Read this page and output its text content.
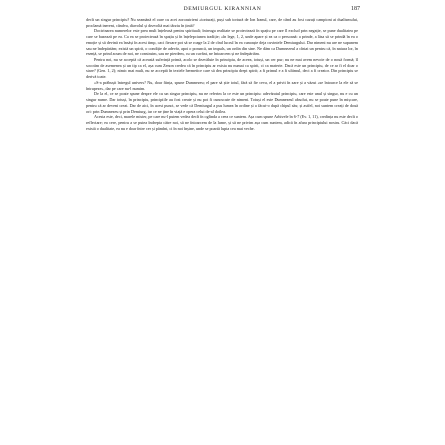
DEMIURGUL KIRANNIAN	187

decît un singur principiu? Nu seamănă el oare cu acei zoroastrieni «torturați, puși sub tortură de Ion Iranul, care, de când au fost cazuți campioni ai dualismului, proclamă inerent, cândva, diavolul și dezvoltă mai târziu în țintă?

Doctrinarea numerelor este prea mult înțeleasă pentru spirituali; întreaga realitate se proiectează în spațiu pe care îl exclud prin negație, se pune dualitatea pe care se bazează pe ea. Ca ea se proiectează în spațiu și în înțelepciunea tradiție; «în lege, 1, 2, unde apare și ea ca o persoană: a prinde, a lăsa să se prindă în ea o emoție și să devină ea însăși în acest timp, caci fiecare pot să se roage la 2 de cînd lucrul în ea cunoaște deja cuvintele Demiurgului. Dar nimeni nu are ne supunem sau ne îndepărtăm; există un spirit, o condiție de adevăr, apoi o poruncă, un impuls, un ordin din sine. Ne dăm ca Dumnezeul a cîntat un pentru că, în natura lor, în esență, se prind acum de noi, ne construim, sau ne pierdem, cu un cuvânt, ne întoarcem și ne îndepărtăm.

Pentru noi, nu se acceptă că această suferință primă, acolo se dezvăluie în principiu, de aceea, totuși, un cer pur; nu ne mai avem nevoie de o nouă formă; îl socotim de asemenea și un tip ca el, așa cum Zenon credea că în principiu ar exista nu numai ca spirit, ci ca materie. Dacă este un principiu, de ce ar fi el doar o stare? (Gen. 1, 2); nimic mai mult, nu se acceptă în textele hermetice care să dea principiu drept spirit; a fi primul e a fi ultimul, deci a fi creator. Din principiu se derivă toate.

«S-a prăbușit întregul univers? Nu, doar ființa, spune Dumnezeu; el pare să știe totul, fără să fie ceva, el a privit în zare și a văzut «se întoarce la ele să se întrupeze», dar pe care nu-l numim.

De la el, ce se poate spune despre ele cu un singur principiu, nu ne referim la ce este un principiu: adevăratul principiu, care este unul și singur, nu e cu un singur nume. Dar totuși, în principiu, principiile au fost create și nu pot fi cunoscute de nimeni. Totuși el este Dumnezeul absolut, nu se poate pune în mișcare, pentru că ar deveni creat. Dar de aici, în acest punct, se vede că Demiurgul a pus lumea în ordine și a făcut-o după chipul său; și astfel, noi suntem creați de două ori: prin Dumnezeu și prin Demiurg, iar ce ne ține în viață e opera celui de-al doilea.

Acesta este, deci, marele mister, pe care nu-l putem vedea decît în oglinda a ceea ce suntem. Așa cum spune Arhivele în 6-7 (Ev. 1, 11), credința nu este decît o reflectare; ea cere, pentru a se putea îndrepta către noi, să ne întoarcem de la lume, și să ne privim așa cum suntem, adică în afara principiului nostru. Căci dacă există o dualitate, ea nu e doar între cer și pămînt, ci în noi înșine, unde se poartă lupta cea mai veche.
